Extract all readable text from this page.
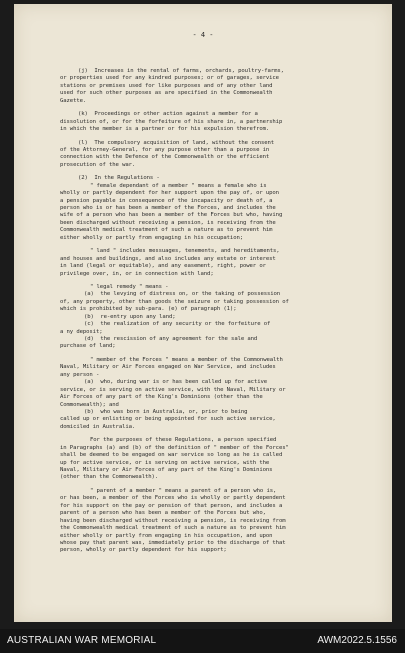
- 4 -
(j)  Increases in the rental of farms, orchards, poultry-farms,
or properties used for any kindred purposes; or of garages, service
stations or premises used for like purposes and of any other land
used for such other purposes as are specified in the Commonwealth
Gazette.
(k)  Proceedings or other action against a member for a
dissolution of, or for the forfeiture of his share in, a partnership
in which the member is a partner or for his expulsion therefrom.
(l)  The compulsory acquisition of land, without the consent
of the Attorney-General, for any purpose other than a purpose in
connection with the Defence of the Commonwealth or the efficient
prosecution of the war.
(2)  In the Regulations -
" female dependant of a member " means a female who is
wholly or partly dependent for her support upon the pay of, or upon
a pension payable in consequence of the incapacity or death of, a
person who is or has been a member of the Forces, and includes the
wife of a person who has been a member of the Forces but who, having
been discharged without receiving a pension, is receiving from the
Commonwealth medical treatment of such a nature as to prevent him
either wholly or partly from engaging in his occupation;
" land " includes messuages, tenements, and hereditaments,
and houses and buildings, and also includes any estate or interest
in land (legal or equitable), and any easement, right, power or
privilege over, in, or in connection with land;
" legal remedy " means -
(a)  the levying of distress on, or the taking of possession
of, any property, other than goods the seizure or taking possession of
which is prohibited by sub-para. (e) of paragraph (1);
(b)  re-entry upon any land;
(c)  the realization of any security or the forfeiture of
a ny deposit;
(d)  the rescission of any agreement for the sale and
purchase of land;
" member of the Forces " means a member of the Commonwealth
Naval, Military or Air Forces engaged on War Service, and includes
any person -
(a)  who, during war is or has been called up for active
service, or is serving on active service, with the Naval, Military or
Air Forces of any part of the King's Dominions (other than the
Commonwealth); and
(b)  who was born in Australia, or, prior to being
called up or enlisting or being appointed for such active service,
domiciled in Australia.
For the purposes of these Regulations, a person specified
in Paragraphs (a) and (b) of the definition of " member of the Forces"
shall be deemed to be engaged on war service so long as he is called
up for active service, or is serving on active service, with the
Naval, Military or Air Forces of any part of the King's Dominions
(other than the Commonwealth).
" parent of a member " means a parent of a person who is,
or has been, a member of the Forces who is wholly or partly dependent
for his support on the pay or pension of that person, and includes a
parent of a person who has been a member of the Forces but who,
having been discharged without receiving a pension, is receiving from
the Commonwealth medical treatment of such a nature as to prevent him
either wholly or partly from engaging in his occupation, and upon
whose pay that parent was, immediately prior to the discharge of that
person, wholly or partly dependent for his support;
AUSTRALIAN WAR MEMORIAL	AWM2022.5.1556
